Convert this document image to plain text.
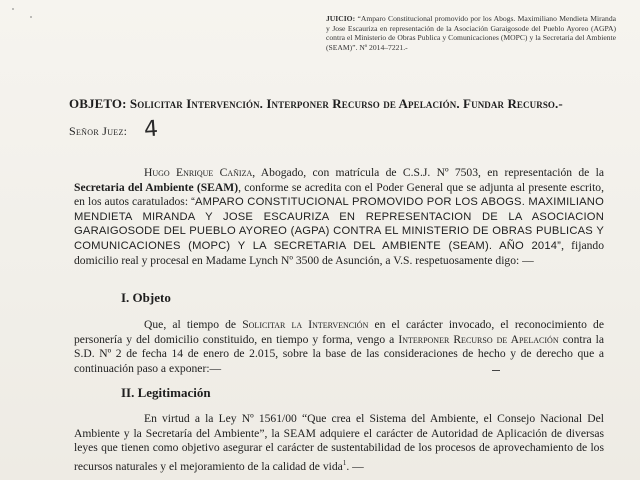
JUICIO: “Amparo Constitucional promovido por los Abogs. Maximiliano Mendieta Miranda y Jose Escauriza en representación de la Asociación Garaigosode del Pueblo Ayoreo (AGPA) contra el Ministerio de Obras Publica y Comunicaciones (MOPC) y la Secretaria del Ambiente (SEAM)”. Nº 2014–7221.-
OBJETO: Solicitar Intervención. Interponer Recurso de Apelación. Fundar Recurso.-
Señor Juez: 4
Hugo Enrique Cañiza, Abogado, con matrícula de C.S.J. Nº 7503, en representación de la Secretaria del Ambiente (SEAM), conforme se acredita con el Poder General que se adjunta al presente escrito, en los autos caratulados: “AMPARO CONSTITUCIONAL PROMOVIDO POR LOS ABOGS. MAXIMILIANO MENDIETA MIRANDA Y JOSE ESCAURIZA EN REPRESENTACION DE LA ASOCIACION GARAIGOSODE DEL PUEBLO AYOREO (AGPA) CONTRA EL MINISTERIO DE OBRAS PUBLICAS Y COMUNICACIONES (MOPC) Y LA SECRETARIA DEL AMBIENTE (SEAM). AÑO 2014”, fijando domicilio real y procesal en Madame Lynch Nº 3500 de Asunción, a V.S. respetuosamente digo: —
I. Objeto
Que, al tiempo de Solicitar la Intervención en el carácter invocado, el reconocimiento de personería y del domicilio constituido, en tiempo y forma, vengo a Interponer Recurso de Apelación contra la S.D. Nº 2 de fecha 14 de enero de 2.015, sobre la base de las consideraciones de hecho y de derecho que a continuación paso a exponer:—
II. Legitimación
En virtud a la Ley Nº 1561/00 “Que crea el Sistema del Ambiente, el Consejo Nacional Del Ambiente y la Secretaría del Ambiente”, la SEAM adquiere el carácter de Autoridad de Aplicación de diversas leyes que tienen como objetivo asegurar el carácter de sustentabilidad de los procesos de aprovechamiento de los recursos naturales y el mejoramiento de la calidad de vida$^1$. —
